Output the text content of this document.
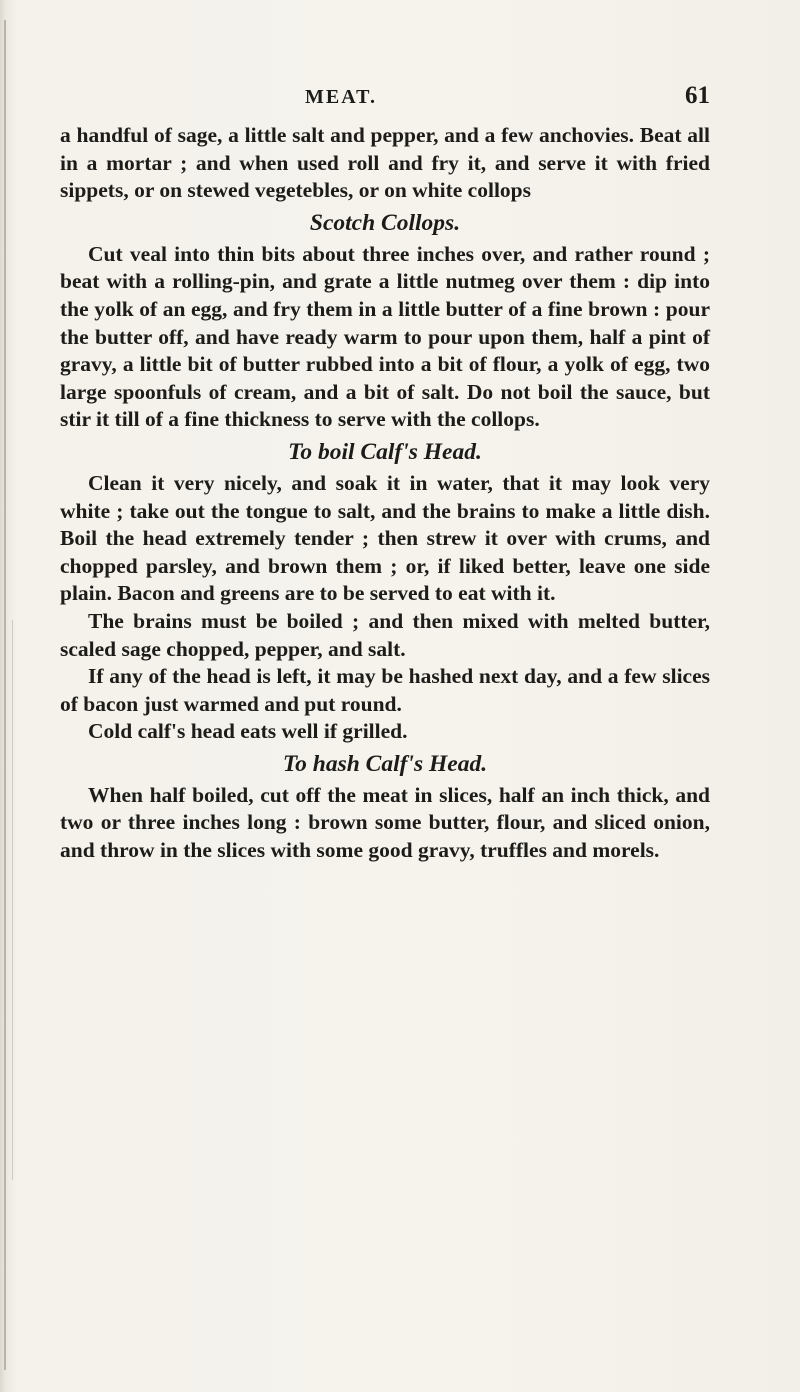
MEAT.	61

a handful of sage, a little salt and pepper, and a few anchovies. Beat all in a mortar ; and when used roll and fry it, and serve it with fried sippets, or on stewed vegetebles, or on white collops

Scotch Collops.

Cut veal into thin bits about three inches over, and rather round ; beat with a rolling-pin, and grate a little nutmeg over them : dip into the yolk of an egg, and fry them in a little butter of a fine brown : pour the butter off, and have ready warm to pour upon them, half a pint of gravy, a little bit of butter rubbed into a bit of flour, a yolk of egg, two large spoonfuls of cream, and a bit of salt. Do not boil the sauce, but stir it till of a fine thickness to serve with the collops.

To boil Calf's Head.

Clean it very nicely, and soak it in water, that it may look very white ; take out the tongue to salt, and the brains to make a little dish. Boil the head extremely tender ; then strew it over with crums, and chopped parsley, and brown them ; or, if liked better, leave one side plain. Bacon and greens are to be served to eat with it.

The brains must be boiled ; and then mixed with melted butter, scaled sage chopped, pepper, and salt.

If any of the head is left, it may be hashed next day, and a few slices of bacon just warmed and put round.

Cold calf's head eats well if grilled.

To hash Calf's Head.

When half boiled, cut off the meat in slices, half an inch thick, and two or three inches long : brown some butter, flour, and sliced onion, and throw in the slices with some good gravy, truffles and morels.
